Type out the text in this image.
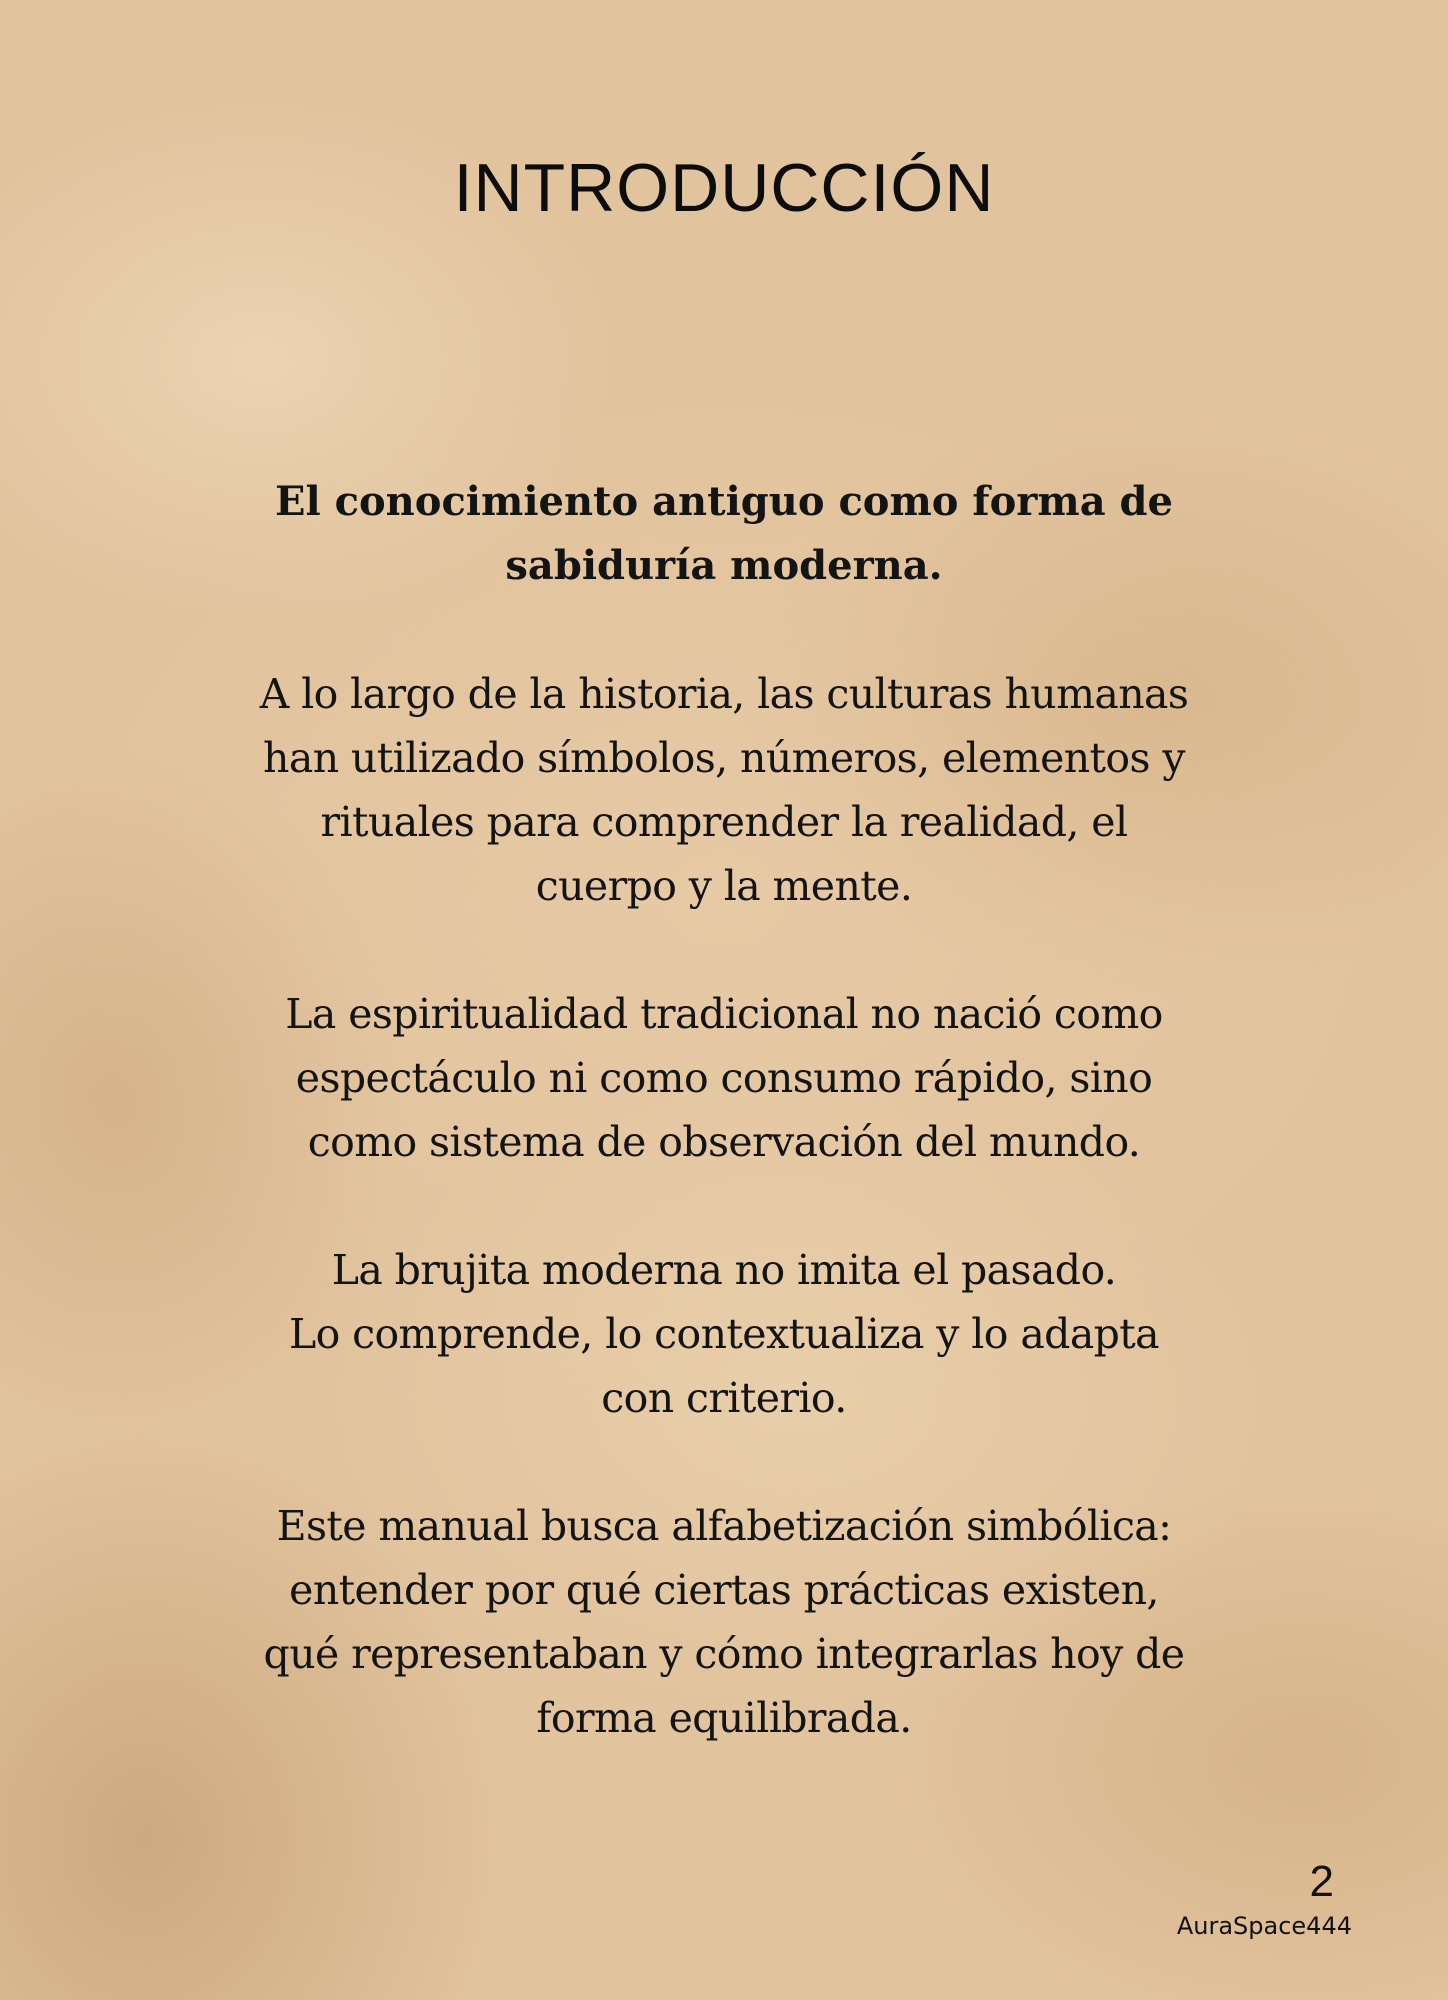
INTRODUCCIÓN

El conocimiento antiguo como forma de
sabiduría moderna.

A lo largo de la historia, las culturas humanas
han utilizado símbolos, números, elementos y
rituales para comprender la realidad, el
cuerpo y la mente.

La espiritualidad tradicional no nació como
espectáculo ni como consumo rápido, sino
como sistema de observación del mundo.

La brujita moderna no imita el pasado.
Lo comprende, lo contextualiza y lo adapta
con criterio.

Este manual busca alfabetización simbólica:
entender por qué ciertas prácticas existen,
qué representaban y cómo integrarlas hoy de
forma equilibrada.

2

AuraSpace444
